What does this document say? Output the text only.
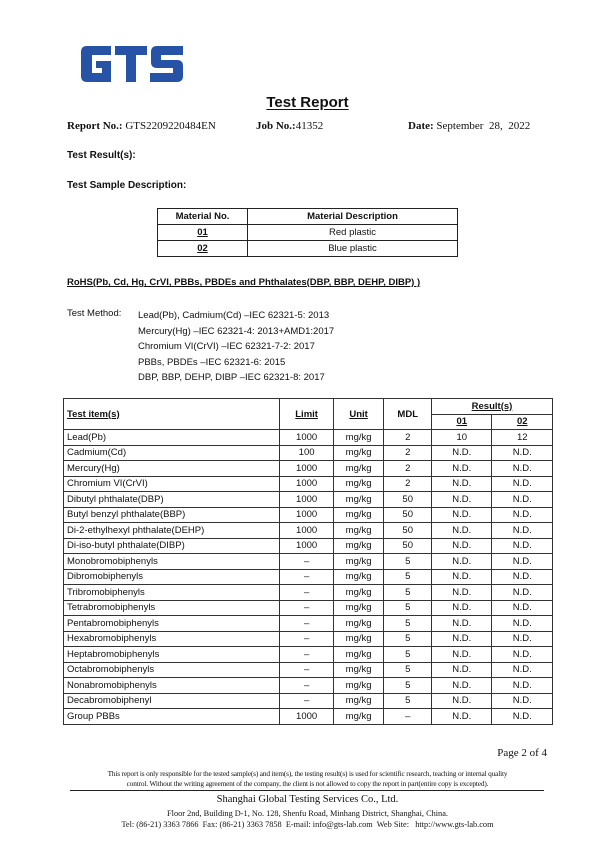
Test Report
Report No.: GTS2209220484EN	Job No.:41352	Date: September  28,  2022
Test Result(s):
Test Sample Description:
Material No.	Material Description
01	Red plastic
02	Blue plastic
RoHS(Pb, Cd, Hg, CrVI, PBBs, PBDEs and Phthalates(DBP, BBP, DEHP, DIBP) )
Test Method: Lead(Pb), Cadmium(Cd) –IEC 62321-5: 2013
Mercury(Hg) –IEC 62321-4: 2013+AMD1:2017
Chromium VI(CrVI) –IEC 62321-7-2: 2017
PBBs, PBDEs –IEC 62321-6: 2015
DBP, BBP, DEHP, DIBP –IEC 62321-8: 2017
Test item(s)	Limit	Unit	MDL	Result(s)	
				01	02
Lead(Pb)	1000	mg/kg	2	10	12
Cadmium(Cd)	100	mg/kg	2	N.D.	N.D.
Mercury(Hg)	1000	mg/kg	2	N.D.	N.D.
Chromium VI(CrVI)	1000	mg/kg	2	N.D.	N.D.
Dibutyl phthalate(DBP)	1000	mg/kg	50	N.D.	N.D.
Butyl benzyl phthalate(BBP)	1000	mg/kg	50	N.D.	N.D.
Di-2-ethylhexyl phthalate(DEHP)	1000	mg/kg	50	N.D.	N.D.
Di-iso-butyl phthalate(DIBP)	1000	mg/kg	50	N.D.	N.D.
Monobromobiphenyls	–	mg/kg	5	N.D.	N.D.
Dibromobiphenyls	–	mg/kg	5	N.D.	N.D.
Tribromobiphenyls	–	mg/kg	5	N.D.	N.D.
Tetrabromobiphenyls	–	mg/kg	5	N.D.	N.D.
Pentabromobiphenyls	–	mg/kg	5	N.D.	N.D.
Hexabromobiphenyls	–	mg/kg	5	N.D.	N.D.
Heptabromobiphenyls	–	mg/kg	5	N.D.	N.D.
Octabromobiphenyls	–	mg/kg	5	N.D.	N.D.
Nonabromobiphenyls	–	mg/kg	5	N.D.	N.D.
Decabromobiphenyl	–	mg/kg	5	N.D.	N.D.
Group PBBs	1000	mg/kg	–	N.D.	N.D.
Page 2 of 4
This report is only responsible for the tested sample(s) and item(s), the testing result(s) is used for scientific research, teaching or internal quality
control. Without the writing agreement of the company, the client is not allowed to copy the report in part(entire copy is excepted).
Shanghai Global Testing Services Co., Ltd.
Floor 2nd, Building D-1, No. 128, Shenfu Road, Minhang District, Shanghai, China.
Tel: (86-21) 3363 7866  Fax: (86-21) 3363 7858  E-mail: info@gts-lab.com  Web Site:   http://www.gts-lab.com
